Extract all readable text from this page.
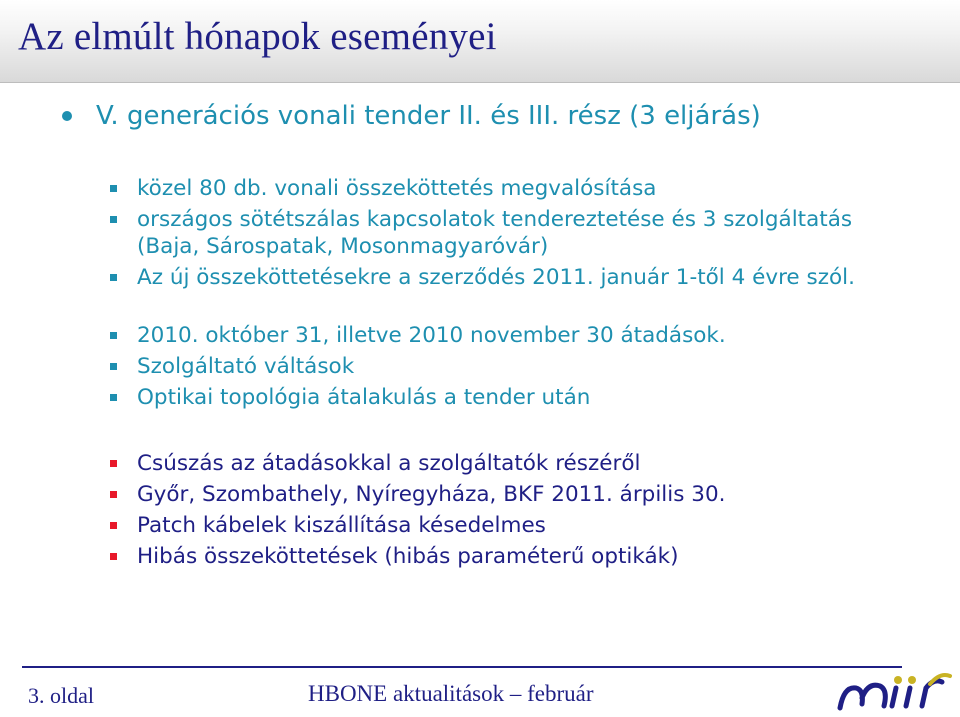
Az elmúlt hónapok eseményei
V. generációs vonali tender II. és III. rész (3 eljárás)
közel 80 db. vonali összeköttetés megvalósítása
országos sötétszálas kapcsolatok tendereztetése és 3 szolgáltatás (Baja, Sárospatak, Mosonmagyaróvár)
Az új összeköttetésekre a szerződés 2011. január 1-től 4 évre szól.
2010. október 31, illetve 2010 november 30 átadások.
Szolgáltató váltások
Optikai topológia átalakulás a tender után
Csúszás az átadásokkal a szolgáltatók részéről
Győr, Szombathely, Nyíregyháza, BKF 2011. árpilis 30.
Patch kábelek kiszállítása késedelmes
Hibás összeköttetések (hibás paraméterű optikák)
3. oldal	HBONE aktualitások – február
